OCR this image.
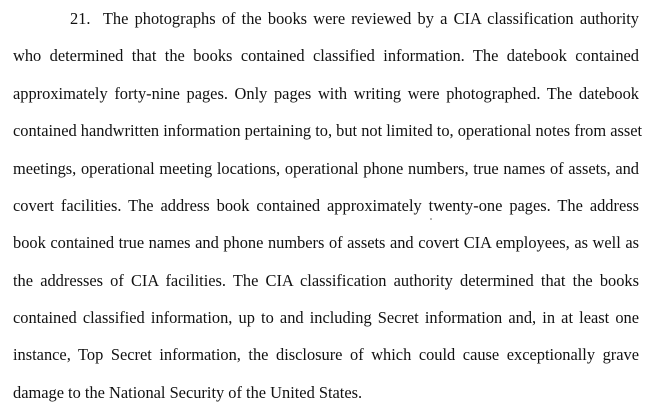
21. The photographs of the books were reviewed by a CIA classification authority
who determined that the books contained classified information. The datebook contained
approximately forty-nine pages. Only pages with writing were photographed. The datebook
contained handwritten information pertaining to, but not limited to, operational notes from asset
meetings, operational meeting locations, operational phone numbers, true names of assets, and
covert facilities. The address book contained approximately twenty-one pages. The address
book contained true names and phone numbers of assets and covert CIA employees, as well as
the addresses of CIA facilities. The CIA classification authority determined that the books
contained classified information, up to and including Secret information and, in at least one
instance, Top Secret information, the disclosure of which could cause exceptionally grave
damage to the National Security of the United States.
